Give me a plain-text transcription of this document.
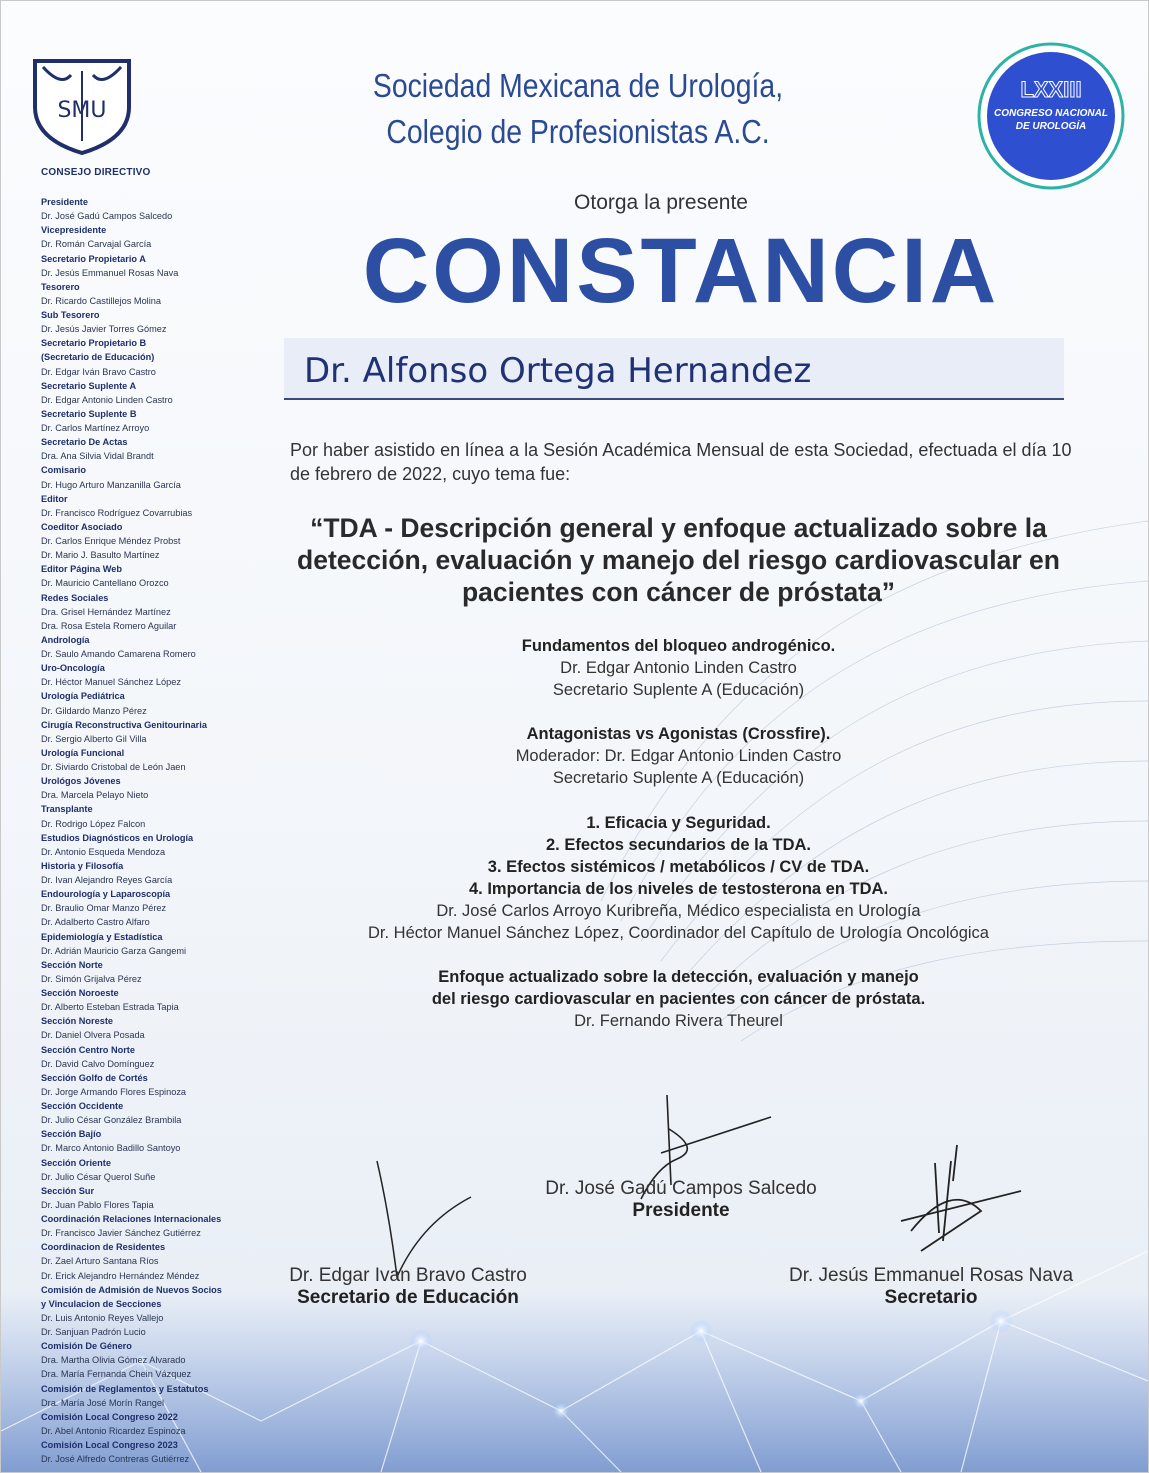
SMU
CONSEJO DIRECTIVO
Presidente
Dr. José Gadú Campos Salcedo
Vicepresidente
Dr. Román Carvajal García
Secretario Propietario A
Dr. Jesús Emmanuel Rosas Nava
Tesorero
Dr. Ricardo Castillejos Molina
Sub Tesorero
Dr. Jesús Javier Torres Gómez
Secretario Propietario B
(Secretario de Educación)
Dr. Edgar Iván Bravo Castro
Secretario Suplente A
Dr. Edgar Antonio Linden Castro
Secretario Suplente B
Dr. Carlos Martínez Arroyo
Secretario De Actas
Dra. Ana Silvia Vidal Brandt
Comisario
Dr. Hugo Arturo Manzanilla García
Editor
Dr. Francisco Rodríguez Covarrubias
Coeditor Asociado
Dr. Carlos Enrique Méndez Probst
Dr. Mario J. Basulto Martínez
Editor Página Web
Dr. Mauricio Cantellano Orozco
Redes Sociales
Dra. Grisel Hernández Martínez
Dra. Rosa Estela Romero Aguilar
Andrología
Dr. Saulo Amando Camarena Romero
Uro-Oncología
Dr. Héctor Manuel Sánchez López
Urología Pediátrica
Dr. Gildardo Manzo Pérez
Cirugía Reconstructiva Genitourinaria
Dr. Sergio Alberto Gil Villa
Urología Funcional
Dr. Siviardo Cristobal de León Jaen
Urológos Jóvenes
Dra. Marcela Pelayo Nieto
Transplante
Dr. Rodrigo López Falcon
Estudios Diagnósticos en Urología
Dr. Antonio Esqueda Mendoza
Historia y Filosofía
Dr. Ivan Alejandro Reyes García
Endourología y Laparoscopía
Dr. Braulio Omar Manzo Pérez
Dr. Adalberto Castro Alfaro
Epidemiología y Estadística
Dr. Adrián Mauricio Garza Gangemi
Sección Norte
Dr. Simón Grijalva Pérez
Sección Noroeste
Dr. Alberto Esteban Estrada Tapia
Sección Noreste
Dr. Daniel Olvera Posada
Sección Centro Norte
Dr. David Calvo Domínguez
Sección Golfo de Cortés
Dr. Jorge Armando Flores Espinoza
Sección Occidente
Dr. Julio César González Brambila
Sección Bajío
Dr. Marco Antonio Badillo Santoyo
Sección Oriente
Dr. Julio César Querol Suñe
Sección Sur
Dr. Juan Pablo Flores Tapia
Coordinación Relaciones Internacionales
Dr. Francisco Javier Sánchez Gutiérrez
Coordinacion de Residentes
Dr. Zael Arturo Santana Ríos
Dr. Erick Alejandro Hernández Méndez
Comisión de Admisión de Nuevos Socios
y Vinculacion de Secciones
Dr. Luis Antonio Reyes Vallejo
Dr. Sanjuan Padrón Lucio
Comisión De Género
Dra. Martha Olivia Gómez Alvarado
Dra. María Fernanda Chein Vázquez
Comisión de Reglamentos y Estatutos
Dra. María José Morín Rangel
Comisión Local Congreso 2022
Dr. Abel Antonio Ricardez Espinoza
Comisión Local Congreso 2023
Dr. José Alfredo Contreras Gutiérrez
Sociedad Mexicana de Urología,
Colegio de Profesionistas A.C.
LXXIII
CONGRESO NACIONAL
DE UROLOGÍA
Otorga la presente
CONSTANCIA
Dr. Alfonso Ortega Hernandez
Por haber asistido en línea a la Sesión Académica Mensual de esta Sociedad, efectuada el día 10 de febrero de 2022, cuyo tema fue:
“TDA - Descripción general y enfoque actualizado sobre la
detección, evaluación y manejo del riesgo cardiovascular en
pacientes con cáncer de próstata”
Fundamentos del bloqueo androgénico.
Dr. Edgar Antonio Linden Castro
Secretario Suplente A (Educación)
Antagonistas vs Agonistas (Crossfire).
Moderador: Dr. Edgar Antonio Linden Castro
Secretario Suplente A (Educación)
1. Eficacia y Seguridad.
2. Efectos secundarios de la TDA.
3. Efectos sistémicos / metabólicos / CV de TDA.
4. Importancia de los niveles de testosterona en TDA.
Dr. José Carlos Arroyo Kuribreña, Médico especialista en Urología
Dr. Héctor Manuel Sánchez López, Coordinador del Capítulo de Urología Oncológica
Enfoque actualizado sobre la detección, evaluación y manejo
del riesgo cardiovascular en pacientes con cáncer de próstata.
Dr. Fernando Rivera Theurel
Dr. José Gadú Campos Salcedo
Presidente
Dr. Edgar Ivan Bravo Castro
Secretario de Educación
Dr. Jesús Emmanuel Rosas Nava
Secretario
